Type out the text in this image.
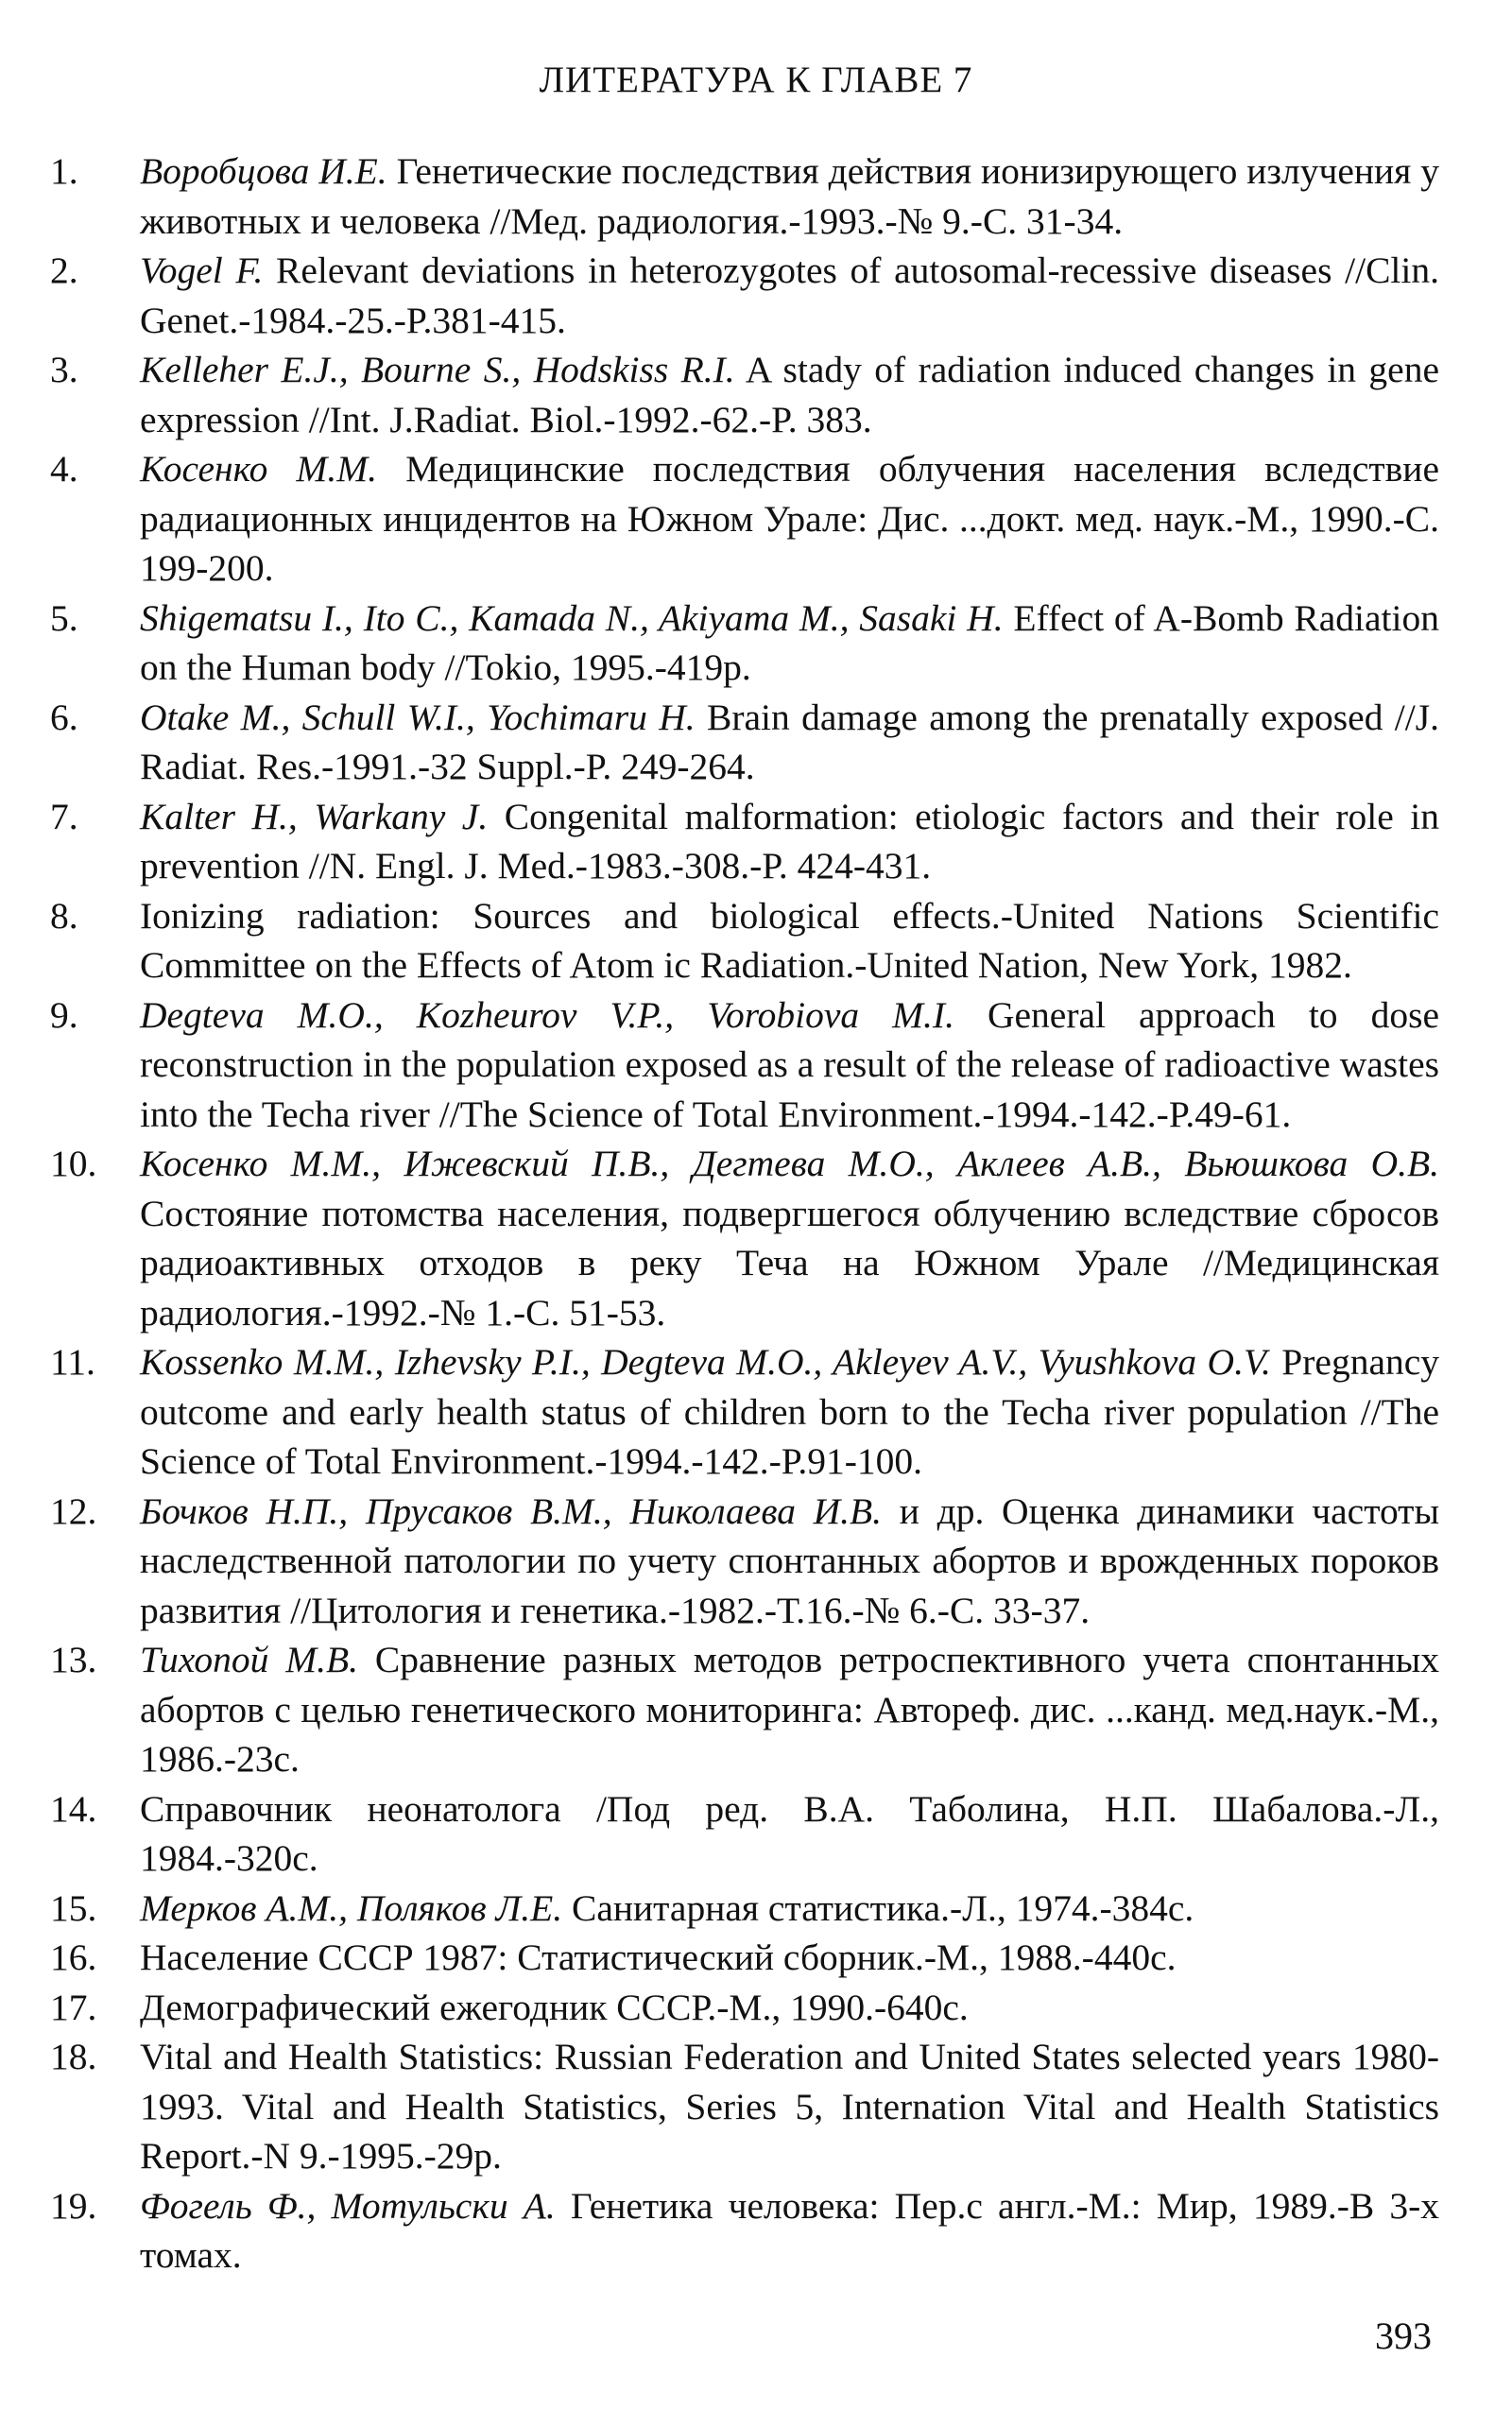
ЛИТЕРАТУРА К ГЛАВЕ 7
1.	Воробцова И.Е. Генетические последствия действия ионизирующего излучения у животных и человека //Мед. радиология.-1993.-№ 9.-С. 31-34.
2.	Vogel F. Relevant deviations in heterozygotes of autosomal-recessive diseases //Clin. Genet.-1984.-25.-P.381-415.
3.	Kelleher E.J., Bourne S., Hodskiss R.I. A stady of radiation induced changes in gene expression //Int. J.Radiat. Biol.-1992.-62.-P. 383.
4.	Косенко М.М. Медицинские последствия облучения населения вследствие радиационных инцидентов на Южном Урале: Дис. ...докт. мед. наук.-М., 1990.-С. 199-200.
5.	Shigematsu I., Ito C., Kamada N., Akiyama M., Sasaki H. Effect of A-Bomb Radiation on the Human body //Tokio, 1995.-419p.
6.	Otake M., Schull W.I., Yochimaru H. Brain damage among the prenatally exposed //J. Radiat. Res.-1991.-32 Suppl.-P. 249-264.
7.	Kalter H., Warkany J. Congenital malformation: etiologic factors and their role in prevention //N. Engl. J. Med.-1983.-308.-P. 424-431.
8.	Ionizing radiation: Sources and biological effects.-United Nations Scientific Committee on the Effects of Atom ic Radiation.-United Nation, New York, 1982.
9.	Degteva M.O., Kozheurov V.P., Vorobiova M.I. General approach to dose reconstruction in the population exposed as a result of the release of radioactive wastes into the Techa river //The Science of Total Environment.-1994.-142.-P.49-61.
10.	Косенко М.М., Ижевский П.В., Дегтева М.О., Аклеев А.В., Вьюшкова О.В. Состояние потомства населения, подвергшегося облучению вследствие сбросов радиоактивных отходов в реку Теча на Южном Урале //Медицинская радиология.-1992.-№ 1.-С. 51-53.
11.	Kossenko M.M., Izhevsky P.I., Degteva M.O., Akleyev A.V., Vyushkova O.V. Pregnancy outcome and early health status of children born to the Techa river population //The Science of Total Environment.-1994.-142.-P.91-100.
12.	Бочков Н.П., Прусаков В.М., Николаева И.В. и др. Оценка динамики частоты наследственной патологии по учету спонтанных абортов и врожденных пороков развития //Цитология и генетика.-1982.-Т.16.-№ 6.-С. 33-37.
13.	Тихопой М.В. Сравнение разных методов ретроспективного учета спонтанных абортов с целью генетического мониторинга: Автореф. дис. ...канд. мед.наук.-М., 1986.-23с.
14.	Справочник неонатолога /Под ред. В.А. Таболина, Н.П. Шабалова.-Л., 1984.-320с.
15.	Мерков А.М., Поляков Л.Е. Санитарная статистика.-Л., 1974.-384с.
16.	Население СССР 1987: Статистический сборник.-М., 1988.-440с.
17.	Демографический ежегодник СССР.-М., 1990.-640с.
18.	Vital and Health Statistics: Russian Federation and United States selected years 1980-1993. Vital and Health Statistics, Series 5, Internation Vital and Health Statistics Report.-N 9.-1995.-29p.
19.	Фогель Ф., Мотульски А. Генетика человека: Пер.с англ.-М.: Мир, 1989.-В 3-х томах.
393
